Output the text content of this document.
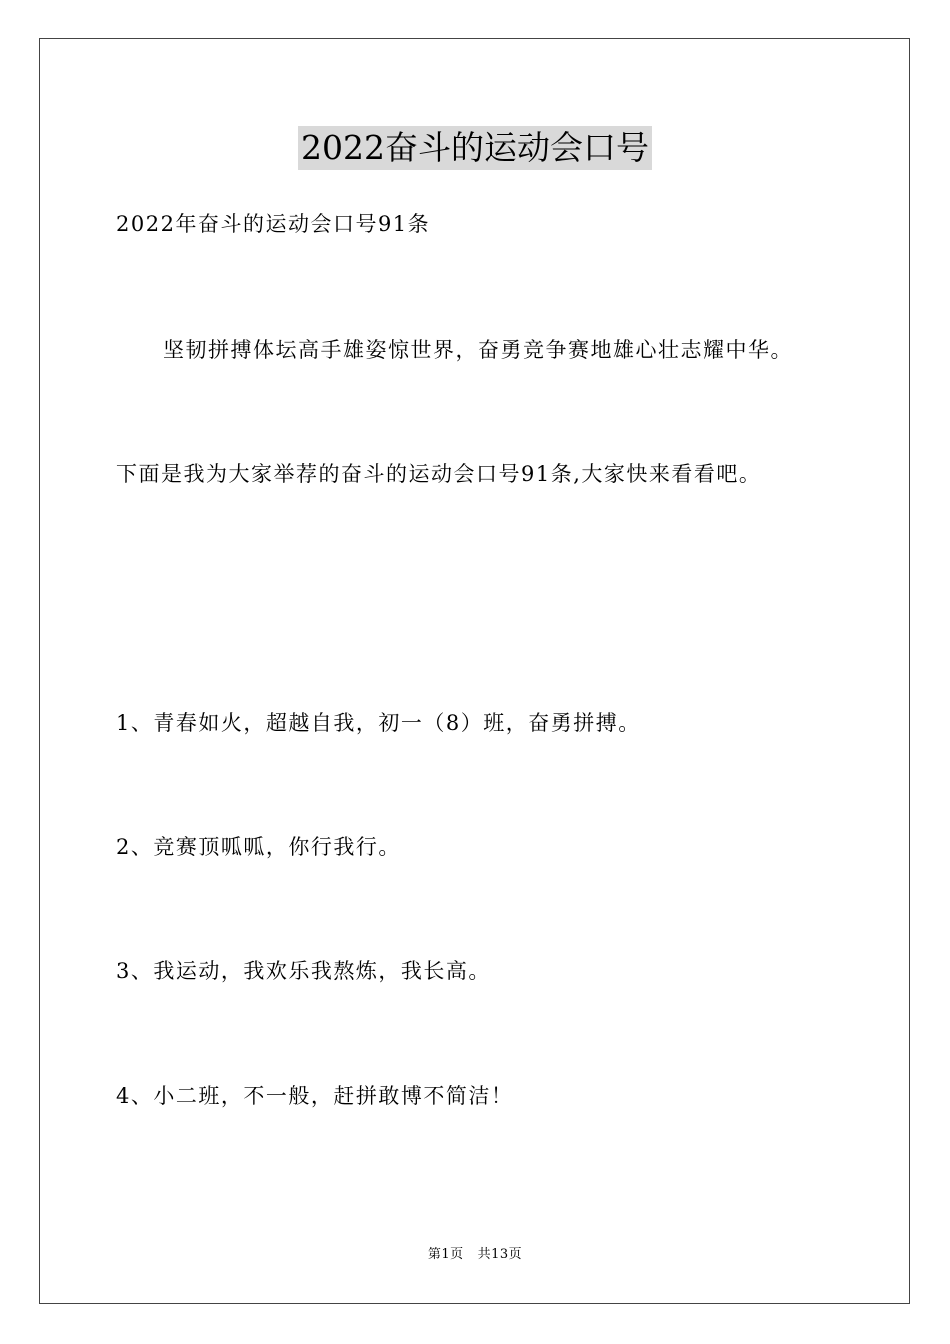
2022奋斗的运动会口号
2022年奋斗的运动会口号91条
坚韧拼搏体坛高手雄姿惊世界，奋勇竞争赛地雄心壮志耀中华。
下面是我为大家举荐的奋斗的运动会口号91条,大家快来看看吧。
1、青春如火，超越自我，初一（8）班，奋勇拼搏。
2、竞赛顶呱呱，你行我行。
3、我运动，我欢乐我熬炼，我长高。
4、小二班，不一般，赶拼敢博不简洁！
第1页 共13页
